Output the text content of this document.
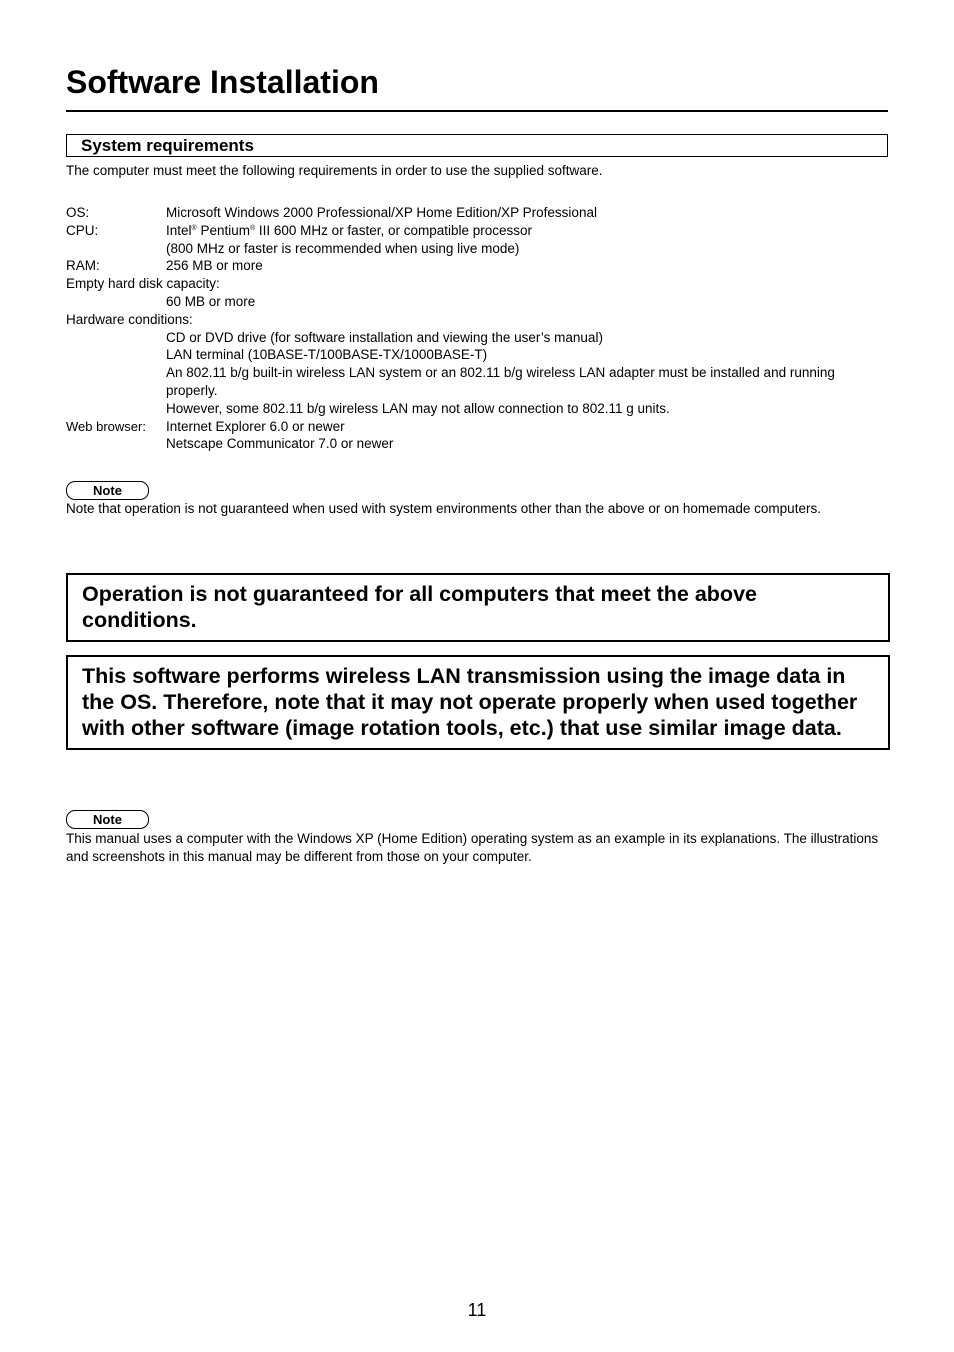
Software Installation
System requirements
The computer must meet the following requirements in order to use the supplied software.
OS:	Microsoft Windows 2000 Professional/XP Home Edition/XP Professional
CPU:	Intel® Pentium® III 600 MHz or faster, or compatible processor
(800 MHz or faster is recommended when using live mode)
RAM:	256 MB or more
Empty hard disk capacity:
60 MB or more
Hardware conditions:
CD or DVD drive (for software installation and viewing the user’s manual)
LAN terminal (10BASE-T/100BASE-TX/1000BASE-T)
An 802.11 b/g built-in wireless LAN system or an 802.11 b/g wireless LAN adapter must be installed and running properly.
However, some 802.11 b/g wireless LAN may not allow connection to 802.11 g units.
Web browser: Internet Explorer 6.0 or newer
Netscape Communicator 7.0 or newer
Note
Note that operation is not guaranteed when used with system environments other than the above or on homemade computers.
Operation is not guaranteed for all computers that meet the above conditions.
This software performs wireless LAN transmission using the image data in the OS. Therefore, note that it may not operate properly when used together with other software (image rotation tools, etc.) that use similar image data.
Note
This manual uses a computer with the Windows XP (Home Edition) operating system as an example in its explanations. The illustrations and screenshots in this manual may be different from those on your computer.
11
